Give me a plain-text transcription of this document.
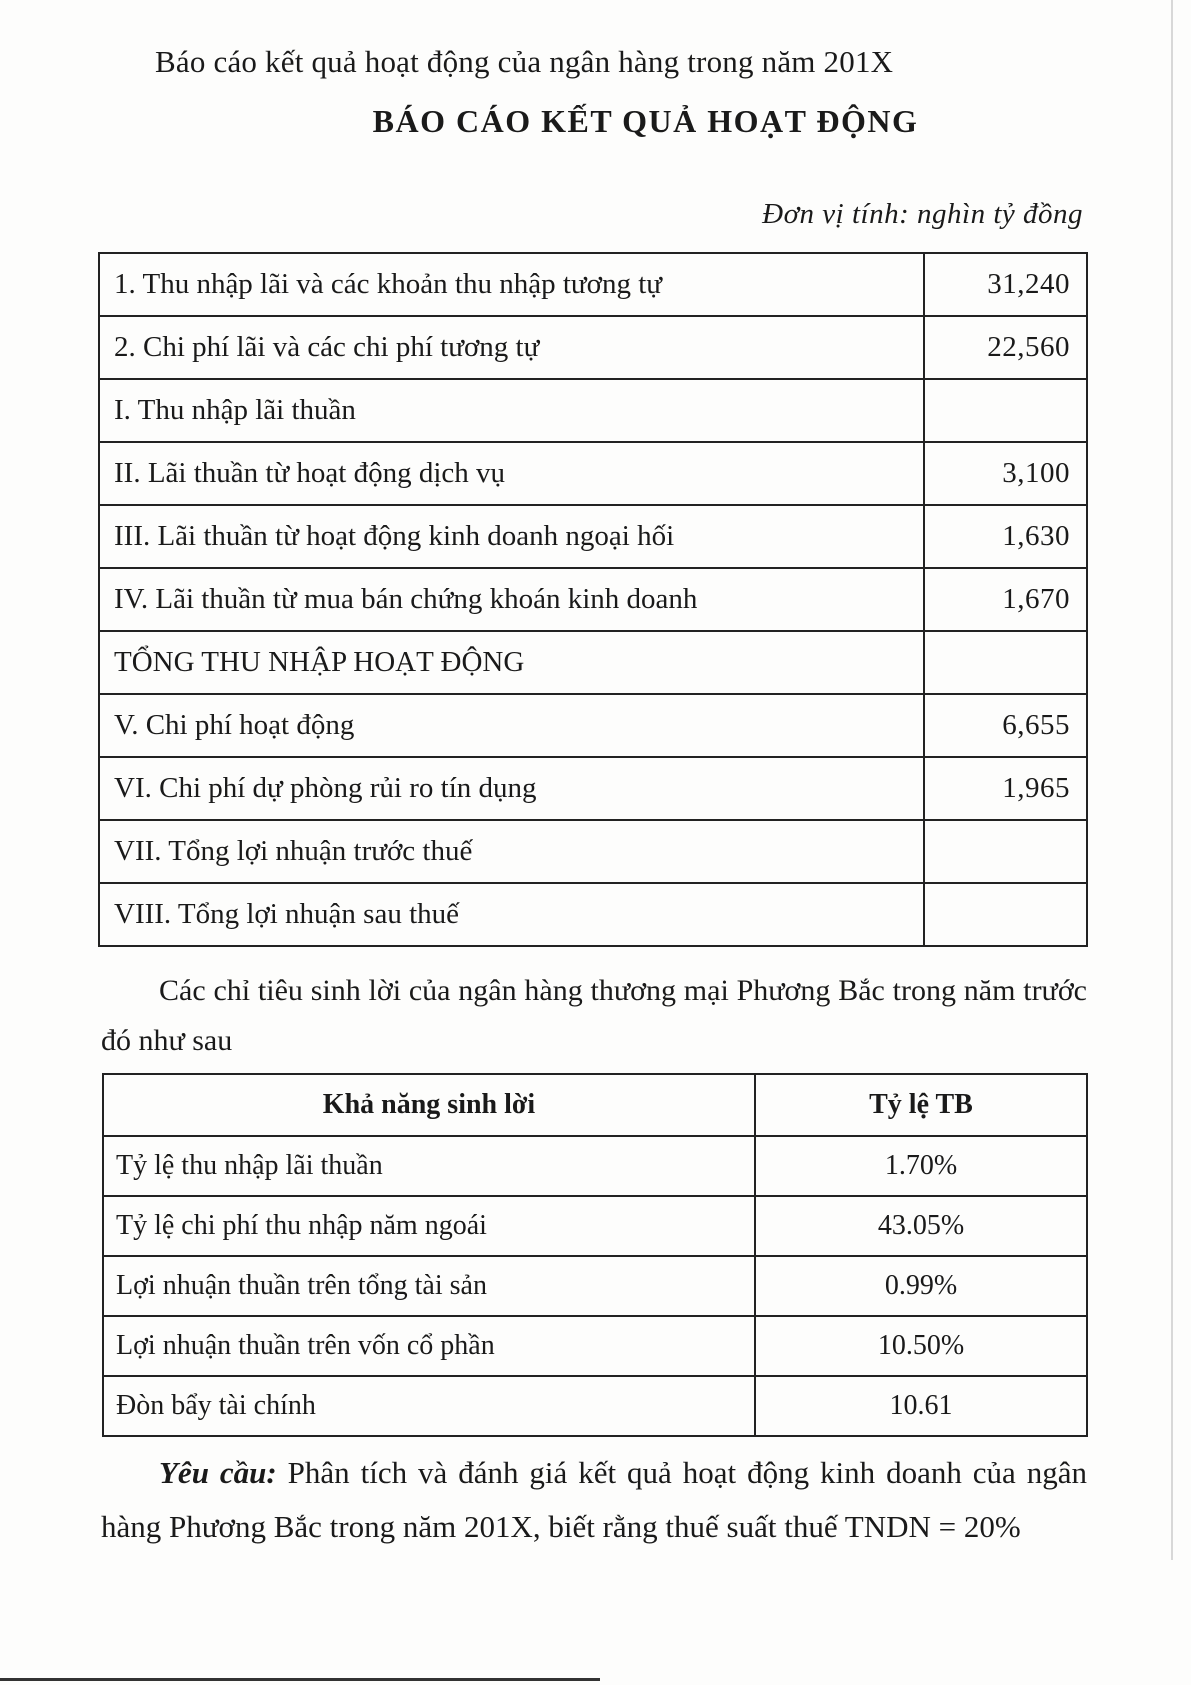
Báo cáo kết quả hoạt động của ngân hàng trong năm 201X
BÁO CÁO KẾT QUẢ HOẠT ĐỘNG
Đơn vị tính: nghìn tỷ đồng
1. Thu nhập lãi và các khoản thu nhập tương tự	31,240
2. Chi phí lãi và các chi phí tương tự	22,560
I. Thu nhập lãi thuần	
II. Lãi thuần từ hoạt động dịch vụ	3,100
III. Lãi thuần từ hoạt động kinh doanh ngoại hối	1,630
IV. Lãi thuần từ mua bán chứng khoán kinh doanh	1,670
TỔNG THU NHẬP HOẠT ĐỘNG	
V. Chi phí hoạt động	6,655
VI. Chi phí dự phòng rủi ro tín dụng	1,965
VII. Tổng lợi nhuận trước thuế	
VIII. Tổng lợi nhuận sau thuế	
Các chỉ tiêu sinh lời của ngân hàng thương mại Phương Bắc trong năm trước đó như sau
Khả năng sinh lời	Tỷ lệ TB
Tỷ lệ thu nhập lãi thuần	1.70%
Tỷ lệ chi phí thu nhập năm ngoái	43.05%
Lợi nhuận thuần trên tổng tài sản	0.99%
Lợi nhuận thuần trên vốn cổ phần	10.50%
Đòn bẩy tài chính	10.61
Yêu cầu: Phân tích và đánh giá kết quả hoạt động kinh doanh của ngân hàng Phương Bắc trong năm 201X, biết rằng thuế suất thuế TNDN = 20%
